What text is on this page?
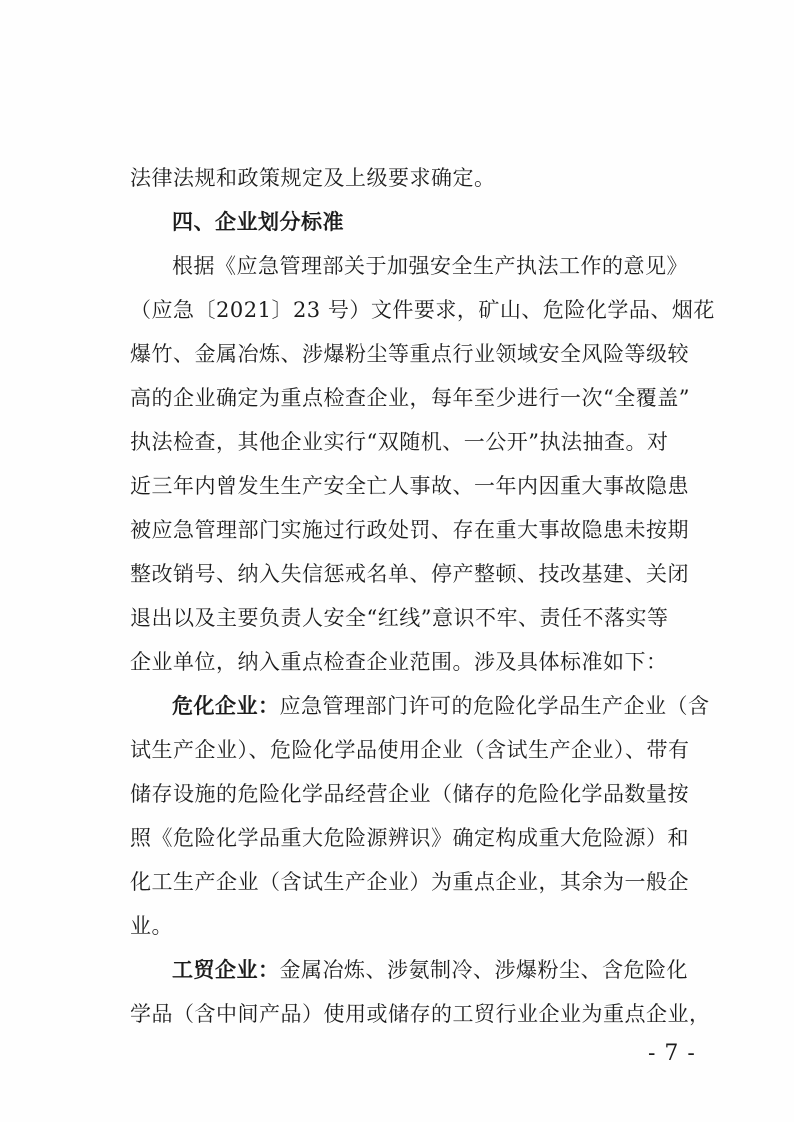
法律法规和政策规定及上级要求确定。
四、企业划分标准
根据《应急管理部关于加强安全生产执法工作的意见》
（应急〔2021〕23 号）文件要求，矿山、危险化学品、烟花
爆竹、金属冶炼、涉爆粉尘等重点行业领域安全风险等级较
高的企业确定为重点检查企业，每年至少进行一次“全覆盖”
执法检查，其他企业实行“双随机、一公开”执法抽查。对
近三年内曾发生生产安全亡人事故、一年内因重大事故隐患
被应急管理部门实施过行政处罚、存在重大事故隐患未按期
整改销号、纳入失信惩戒名单、停产整顿、技改基建、关闭
退出以及主要负责人安全“红线”意识不牢、责任不落实等
企业单位，纳入重点检查企业范围。涉及具体标准如下：
危化企业：应急管理部门许可的危险化学品生产企业（含
试生产企业）、危险化学品使用企业（含试生产企业）、带有
储存设施的危险化学品经营企业（储存的危险化学品数量按
照《危险化学品重大危险源辨识》确定构成重大危险源）和
化工生产企业（含试生产企业）为重点企业，其余为一般企
业。
工贸企业：金属冶炼、涉氨制冷、涉爆粉尘、含危险化
学品（含中间产品）使用或储存的工贸行业企业为重点企业，
- 7 -
